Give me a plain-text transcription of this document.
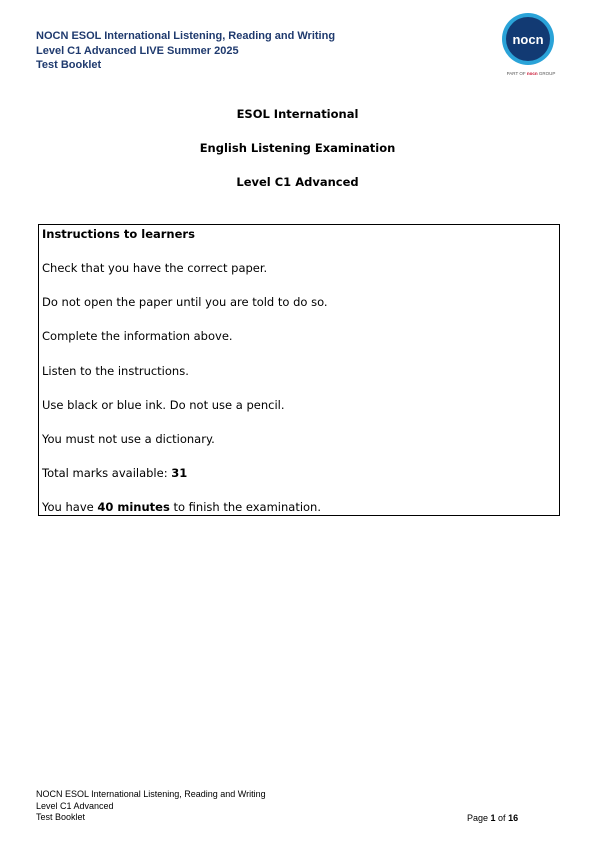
NOCN ESOL International Listening, Reading and Writing
Level C1 Advanced LIVE Summer 2025
Test Booklet
nocn
PART OF nocn GROUP
ESOL International
English Listening Examination
Level C1 Advanced
Instructions to learners
Check that you have the correct paper.
Do not open the paper until you are told to do so.
Complete the information above.
Listen to the instructions.
Use black or blue ink. Do not use a pencil.
You must not use a dictionary.
Total marks available: 31
You have 40 minutes to finish the examination.
NOCN ESOL International Listening, Reading and Writing
Level C1 Advanced
Test Booklet	Page 1 of 16
